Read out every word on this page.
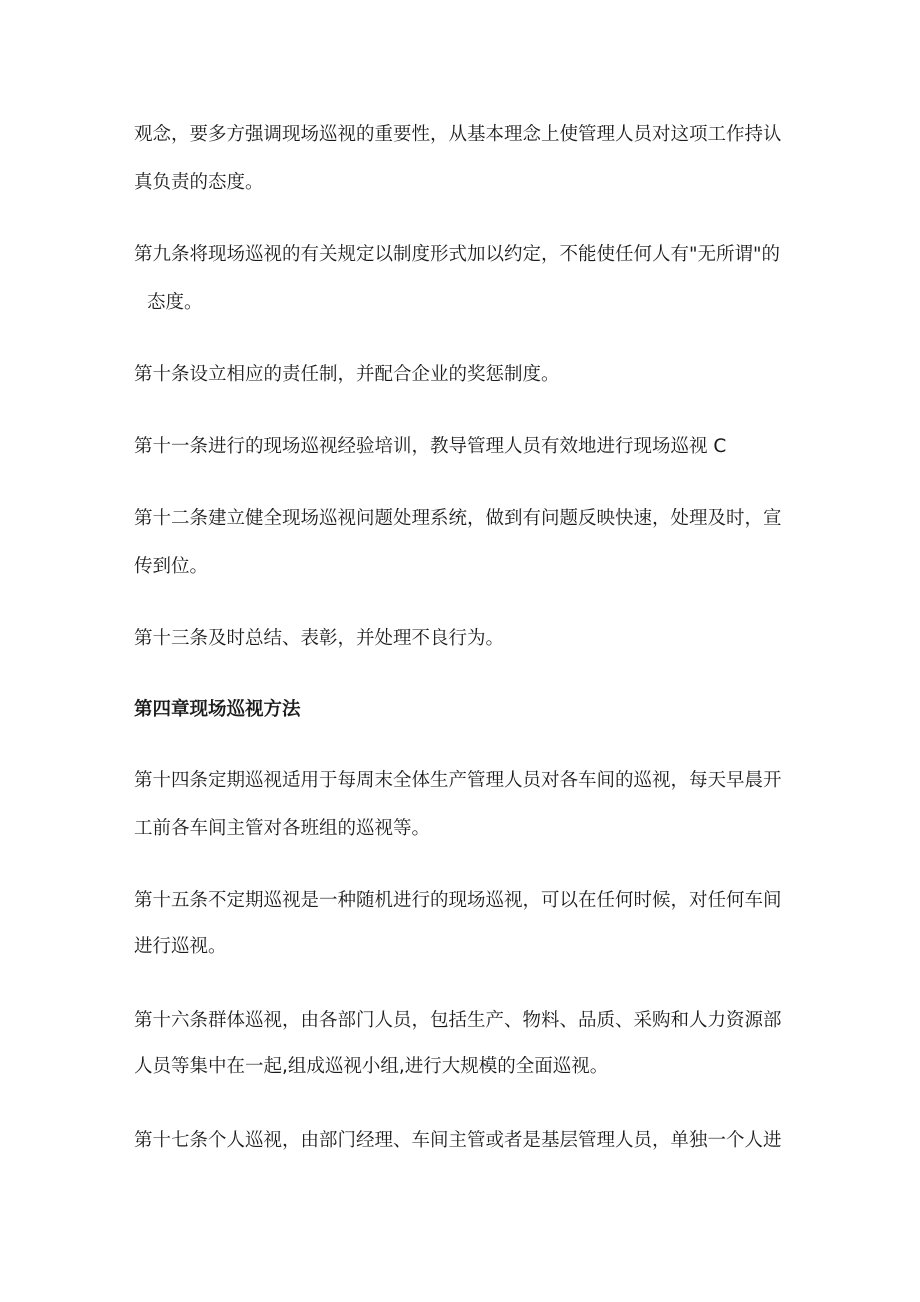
观念，要多方强调现场巡视的重要性，从基本理念上使管理人员对这项工作持认
真负责的态度。
第九条将现场巡视的有关规定以制度形式加以约定，不能使任何人有"无所谓"的
态度。
第十条设立相应的责任制，并配合企业的奖惩制度。
第十一条进行的现场巡视经验培训，教导管理人员有效地进行现场巡视 C
第十二条建立健全现场巡视问题处理系统，做到有问题反映快速，处理及时，宣
传到位。
第十三条及时总结、表彰，并处理不良行为。
第四章现场巡视方法
第十四条定期巡视适用于每周末全体生产管理人员对各车间的巡视，每天早晨开
工前各车间主管对各班组的巡视等。
第十五条不定期巡视是一种随机进行的现场巡视，可以在任何时候，对任何车间
进行巡视。
第十六条群体巡视，由各部门人员，包括生产、物料、品质、采购和人力资源部
人员等集中在一起,组成巡视小组,进行大规模的全面巡视。
第十七条个人巡视，由部门经理、车间主管或者是基层管理人员，单独一个人进
